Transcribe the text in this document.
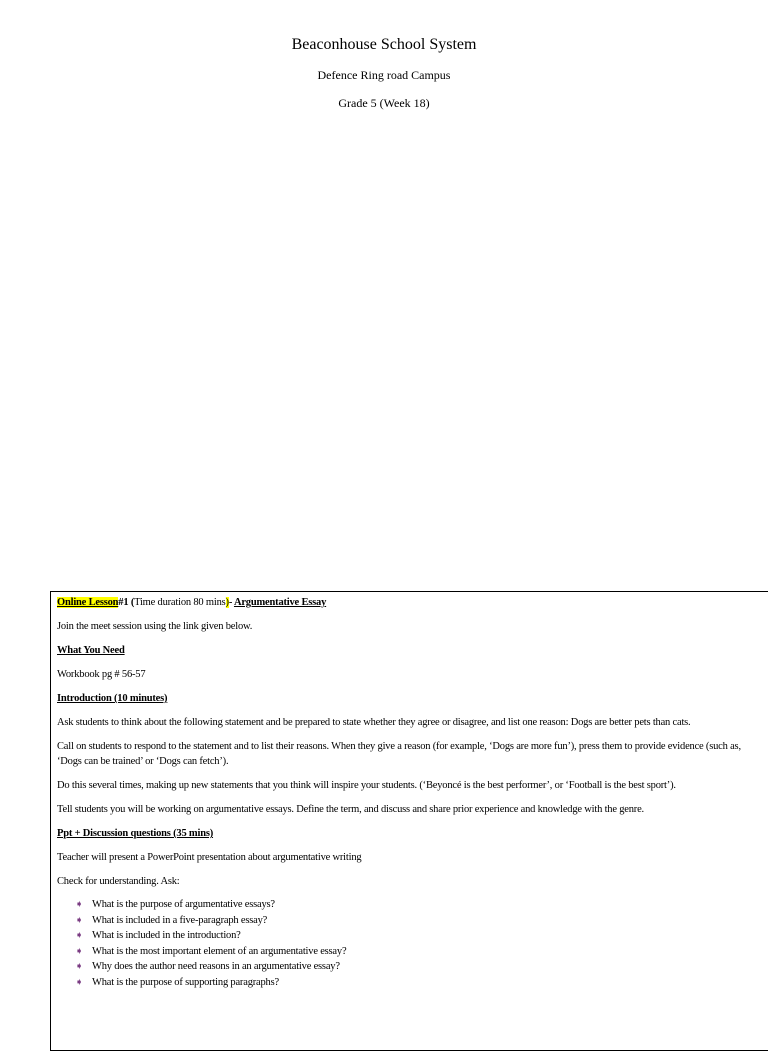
Beaconhouse School System
Defence Ring road Campus
Grade 5 (Week 18)

Online Lesson#1 (Time duration 80 mins)- Argumentative Essay

Join the meet session using the link given below.

What You Need

Workbook pg # 56-57

Introduction (10 minutes)

Ask students to think about the following statement and be prepared to state whether they agree or disagree, and list one reason: Dogs are better pets than cats.

Call on students to respond to the statement and to list their reasons. When they give a reason (for example, ‘Dogs are more fun’), press them to provide evidence (such as, ‘Dogs can be trained’ or ‘Dogs can fetch’).

Do this several times, making up new statements that you think will inspire your students. (‘Beyoncé is the best performer’, or ‘Football is the best sport’).

Tell students you will be working on argumentative essays. Define the term, and discuss and share prior experience and knowledge with the genre.

Ppt + Discussion questions (35 mins)

Teacher will present a PowerPoint presentation about argumentative writing

Check for understanding. Ask:

➧ What is the purpose of argumentative essays?
➧ What is included in a five-paragraph essay?
➧ What is included in the introduction?
➧ What is the most important element of an argumentative essay?
➧ Why does the author need reasons in an argumentative essay?
➧ What is the purpose of supporting paragraphs?
